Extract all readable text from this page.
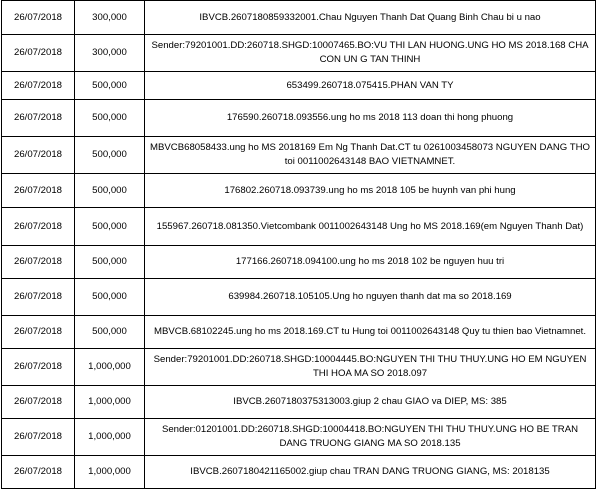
26/07/2018	300,000	IBVCB.2607180859332001.Chau Nguyen Thanh Dat Quang Binh Chau bi u nao
26/07/2018	300,000	Sender:79201001.DD:260718.SHGD:10007465.BO:VU THI LAN HUONG.UNG HO MS 2018.168 CHA CON UN G TAN THINH
26/07/2018	500,000	653499.260718.075415.PHAN VAN TY
26/07/2018	500,000	176590.260718.093556.ung ho ms 2018 113 doan thi hong phuong
26/07/2018	500,000	MBVCB68058433.ung ho MS 2018169 Em Ng Thanh Dat.CT tu 0261003458073 NGUYEN DANG THO toi 0011002643148 BAO VIETNAMNET.
26/07/2018	500,000	176802.260718.093739.ung ho ms 2018 105 be huynh van phi hung
26/07/2018	500,000	155967.260718.081350.Vietcombank 0011002643148 Ung ho MS 2018.169(em Nguyen Thanh Dat)
26/07/2018	500,000	177166.260718.094100.ung ho ms 2018 102 be nguyen huu tri
26/07/2018	500,000	639984.260718.105105.Ung ho nguyen thanh dat ma so 2018.169
26/07/2018	500,000	MBVCB.68102245.ung ho ms 2018.169.CT tu Hung toi 0011002643148 Quy tu thien bao Vietnamnet.
26/07/2018	1,000,000	Sender:79201001.DD:260718.SHGD:10004445.BO:NGUYEN THI THU THUY.UNG HO EM NGUYEN THI HOA MA SO 2018.097
26/07/2018	1,000,000	IBVCB.2607180375313003.giup 2 chau GIAO va DIEP, MS: 385
26/07/2018	1,000,000	Sender:01201001.DD:260718.SHGD:10004418.BO:NGUYEN THI THU THUY.UNG HO BE TRAN DANG TRUONG GIANG MA SO 2018.135
26/07/2018	1,000,000	IBVCB.2607180421165002.giup chau TRAN DANG TRUONG GIANG, MS: 2018135
